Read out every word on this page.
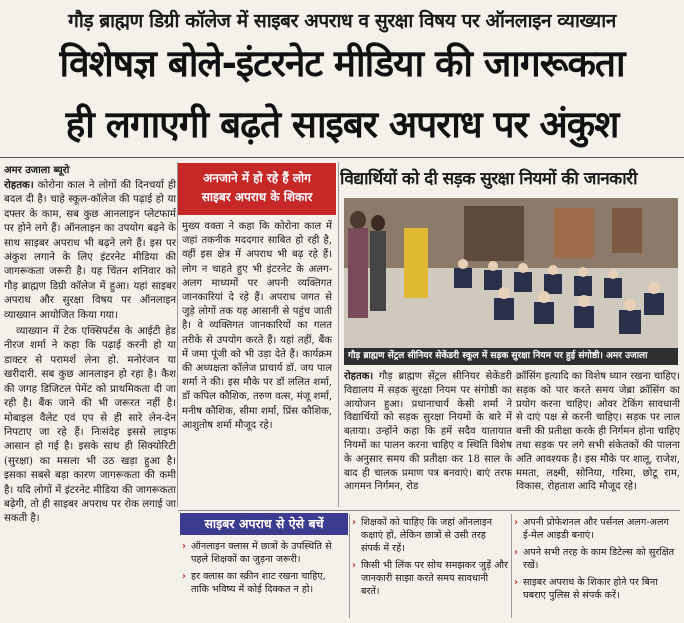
गौड़ ब्राह्मण डिग्री कॉलेज में साइबर अपराध व सुरक्षा विषय पर ऑनलाइन व्याख्यान
विशेषज्ञ बोले-इंटरनेट मीडिया की जागरूकता
ही लगाएगी बढ़ते साइबर अपराध पर अंकुश
अमर उजाला ब्यूरो

रोहतक। कोरोना काल ने लोगों की दिनचर्या ही बदल दी है। चाहे स्कूल-कॉलेज की पढ़ाई हो या दफ्तर के काम, सब कुछ आनलाइन प्लेटफार्म पर होने लगे हैं। ऑनलाइन का उपयोग बढ़ने के साथ साइबर अपराध भी बढ़ने लगे हैं। इस पर अंकुश लगाने के लिए इंटरनेट मीडिया की जागरूकता जरूरी है। यह चिंतन शनिवार को गौड़ ब्राह्मण डिग्री कॉलेज में हुआ। यहां साइबर अपराध और सुरक्षा विषय पर ऑनलाइन व्याख्यान आयोजित किया गया।

व्याख्यान में टेक एक्सिपर्टस के आईटी हेड नीरज शर्मा ने कहा कि पढ़ाई करनी हो या डाक्टर से परामर्श लेना हो. मनोरंजन या खरीदारी. सब कुछ आनलाइन हो रहा है। कैश की जगह डिजिटल पेमेंट को प्राथमिकता दी जा रही है। बैंक जाने की भी जरूरत नहीं है। मोबाइल वैलेट एवं एप से ही सारे लेन-देन निपटाए जा रहे हैं। निःसंदेह इससे लाइफ आसान हो गई है। इसके साथ ही सिक्योरिटी (सुरक्षा) का मसला भी उठ खड़ा हुआ है। इसका सबसे बड़ा कारण जागरूकता की कमी है। यदि लोगों में इंटरनेट मीडिया की जागरूकता बढ़ेगी, तो ही साइबर अपराध पर रोक लगाई जा सकती है।

अनजाने में हो रहे हैं लोग
साइबर अपराध के शिकार
मुख्य वक्ता ने कहा कि कोरोना काल में जहां तकनीक मददगार साबित हो रही है, वहीं इस क्षेत्र में अपराध भी बढ़ रहे हैं। लोग न चाहते हुए भी इंटरनेट के अलग-अलग माध्यमों पर अपनी व्यक्तिगत जानकारियां दे रहे हैं। अपराध जगत से जुड़े लोगों तक यह आसानी से पहुंच जाती है। वे व्यक्तिगत जानकारियों का गलत तरीके से उपयोग करते हैं। यहां तहीं, बैंक में जमा पूंजी को भी उड़ा देते हैं। कार्यक्रम की अध्यक्षता कॉलेज प्राचार्य डॉ. जय पाल शर्मा ने की। इस मौके पर डॉ ललित शर्मा, डॉ कपिल कौशिक, तरुण वत्स, मंजू शर्मा, मनीष कौशिक, सीमा शर्मा, प्रिंस कौशिक, आशुतोष शर्मा मौजूद रहे।
विद्यार्थियों को दी सड़क सुरक्षा नियमों की जानकारी
गौड़ ब्राह्मण सेंट्रल सीनियर सेकेंडरी स्कूल में सड़क सुरक्षा नियम पर हुई संगोष्ठी। अमर उजाला
रोहतक। गौड़ ब्राह्मण सेंट्रल सीनियर सेकेंडरी विद्यालय में सड़क सुरक्षा नियम पर संगोष्ठी का आयोजन हुआ। प्रधानाचार्य केसी शर्मा ने विद्यार्थियों को सड़क सुरक्षा नियमों के बारे में बताया। उन्होंने कहा कि हमें सदैव यातायात नियमों का पालन करना चाहिए व स्थिति विशेष के अनुसार समय की प्रतीक्षा कर 18 साल के बाद ही चालक प्रमाण पत्र बनवाएं। बाएं तरफ आगमन निर्गमन, रोड
क्रॉसिंग इत्यादि का विशेष ध्यान रखना चाहिए। सड़क को पार करते समय जेब्रा क्रॉसिंग का प्रयोग करना चाहिए। ओवर टेकिंग सावधानी से दाएं पक्ष से करनी चाहिए। सड़क पर लाल बत्ती की प्रतीक्षा करके ही निर्गमन होना चाहिए तथा सड़क पर लगे सभी संकेतकों की पालना अति आवश्यक है। इस मौके पर शालू, राजेश, ममता, लक्ष्मी, सोनिया, गरिमा, छोटू राम, विकास, रोहताश आदि मौजूद रहे।
साइबर अपराध से ऐसे बचें
› ऑनलाइन क्लास में छात्रों के उपस्थिति से पहले शिक्षकों का जुड़ना जरूरी।
› हर क्लास का स्क्रीन शाट रखना चाहिए, ताकि भविष्य में कोई दिक्कत न हो।
› शिक्षकों को चाहिए कि जहां ऑनलाइन कक्षाएं हों, लेकिन छात्रों से उसी तरह संपर्क में रहें।
› किसी भी लिंक पर सोच समझकर जुड़ें और जानकारी साझा करते समय सावधानी बरतें।
› अपनी प्रोफेशनल और पर्सनल अलग-अलग ई-मेल आइडी बनाएं।
› अपने सभी तरह के काम डिटेल्स को सुरक्षित रखें।
› साइबर अपराध के शिकार होने पर बिना घबराए पुलिस से संपर्क करें।
